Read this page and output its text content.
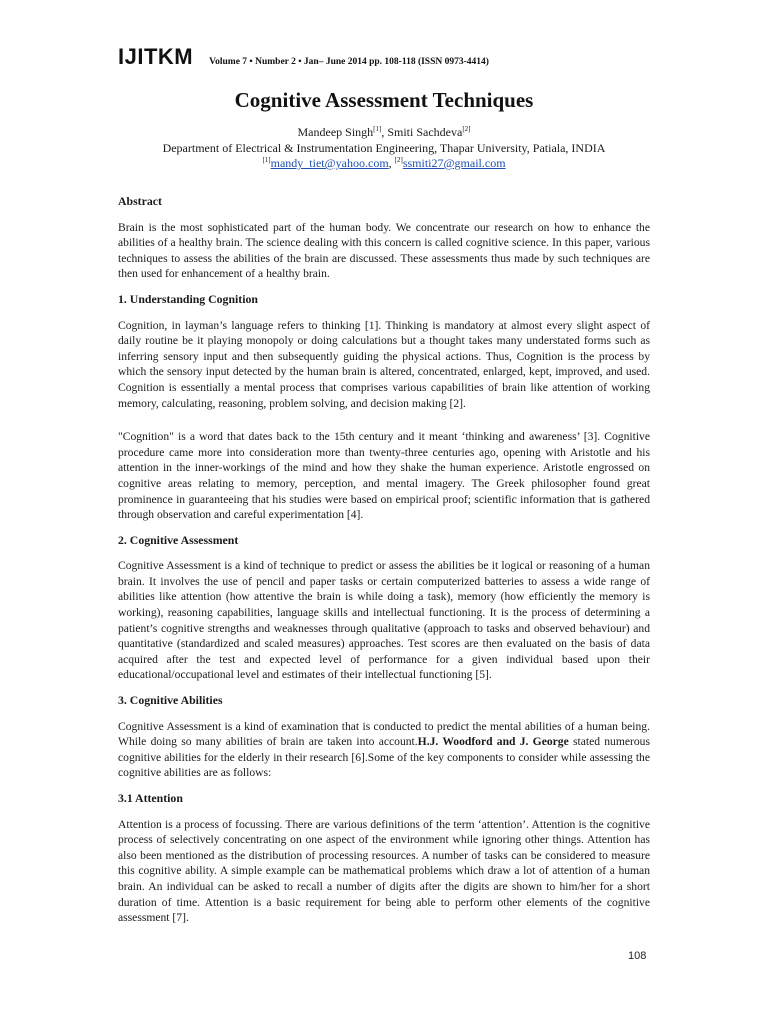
IJITKM Volume 7 • Number 2 • Jan– June 2014 pp. 108-118 (ISSN 0973-4414)
Cognitive Assessment Techniques
Mandeep Singh[1], Smiti Sachdeva[2]
Department of Electrical & Instrumentation Engineering, Thapar University, Patiala, INDIA
[1]mandy_tiet@yahoo.com, [2]ssmiti27@gmail.com
Abstract

Brain is the most sophisticated part of the human body. We concentrate our research on how to enhance the abilities of a healthy brain. The science dealing with this concern is called cognitive science. In this paper, various techniques to assess the abilities of the brain are discussed. These assessments thus made by such techniques are then used for enhancement of a healthy brain.

1. Understanding Cognition

Cognition, in layman’s language refers to thinking [1]. Thinking is mandatory at almost every slight aspect of daily routine be it playing monopoly or doing calculations but a thought takes many understated forms such as inferring sensory input and then subsequently guiding the physical actions. Thus, Cognition is the process by which the sensory input detected by the human brain is altered, concentrated, enlarged, kept, improved, and used. Cognition is essentially a mental process that comprises various capabilities of brain like attention of working memory, calculating, reasoning, problem solving, and decision making [2].

"Cognition" is a word that dates back to the 15th century and it meant ‘thinking and awareness’ [3]. Cognitive procedure came more into consideration more than twenty-three centuries ago, opening with Aristotle and his attention in the inner-workings of the mind and how they shake the human experience. Aristotle engrossed on cognitive areas relating to memory, perception, and mental imagery. The Greek philosopher found great prominence in guaranteeing that his studies were based on empirical proof; scientific information that is gathered through observation and careful experimentation [4].

2. Cognitive Assessment

Cognitive Assessment is a kind of technique to predict or assess the abilities be it logical or reasoning of a human brain. It involves the use of pencil and paper tasks or certain computerized batteries to assess a wide range of abilities like attention (how attentive the brain is while doing a task), memory (how efficiently the memory is working), reasoning capabilities, language skills and intellectual functioning. It is the process of determining a patient’s cognitive strengths and weaknesses through qualitative (approach to tasks and observed behaviour) and quantitative (standardized and scaled measures) approaches. Test scores are then evaluated on the basis of data acquired after the test and expected level of performance for a given individual based upon their educational/occupational level and estimates of their intellectual functioning [5].

3. Cognitive Abilities

Cognitive Assessment is a kind of examination that is conducted to predict the mental abilities of a human being. While doing so many abilities of brain are taken into account.H.J. Woodford and J. George stated numerous cognitive abilities for the elderly in their research [6].Some of the key components to consider while assessing the cognitive abilities are as follows:

3.1 Attention

Attention is a process of focussing. There are various definitions of the term ‘attention’. Attention is the cognitive process of selectively concentrating on one aspect of the environment while ignoring other things. Attention has also been mentioned as the distribution of processing resources. A number of tasks can be considered to measure this cognitive ability. A simple example can be mathematical problems which draw a lot of attention of a human brain. An individual can be asked to recall a number of digits after the digits are shown to him/her for a short duration of time. Attention is a basic requirement for being able to perform other elements of the cognitive assessment [7].

108
